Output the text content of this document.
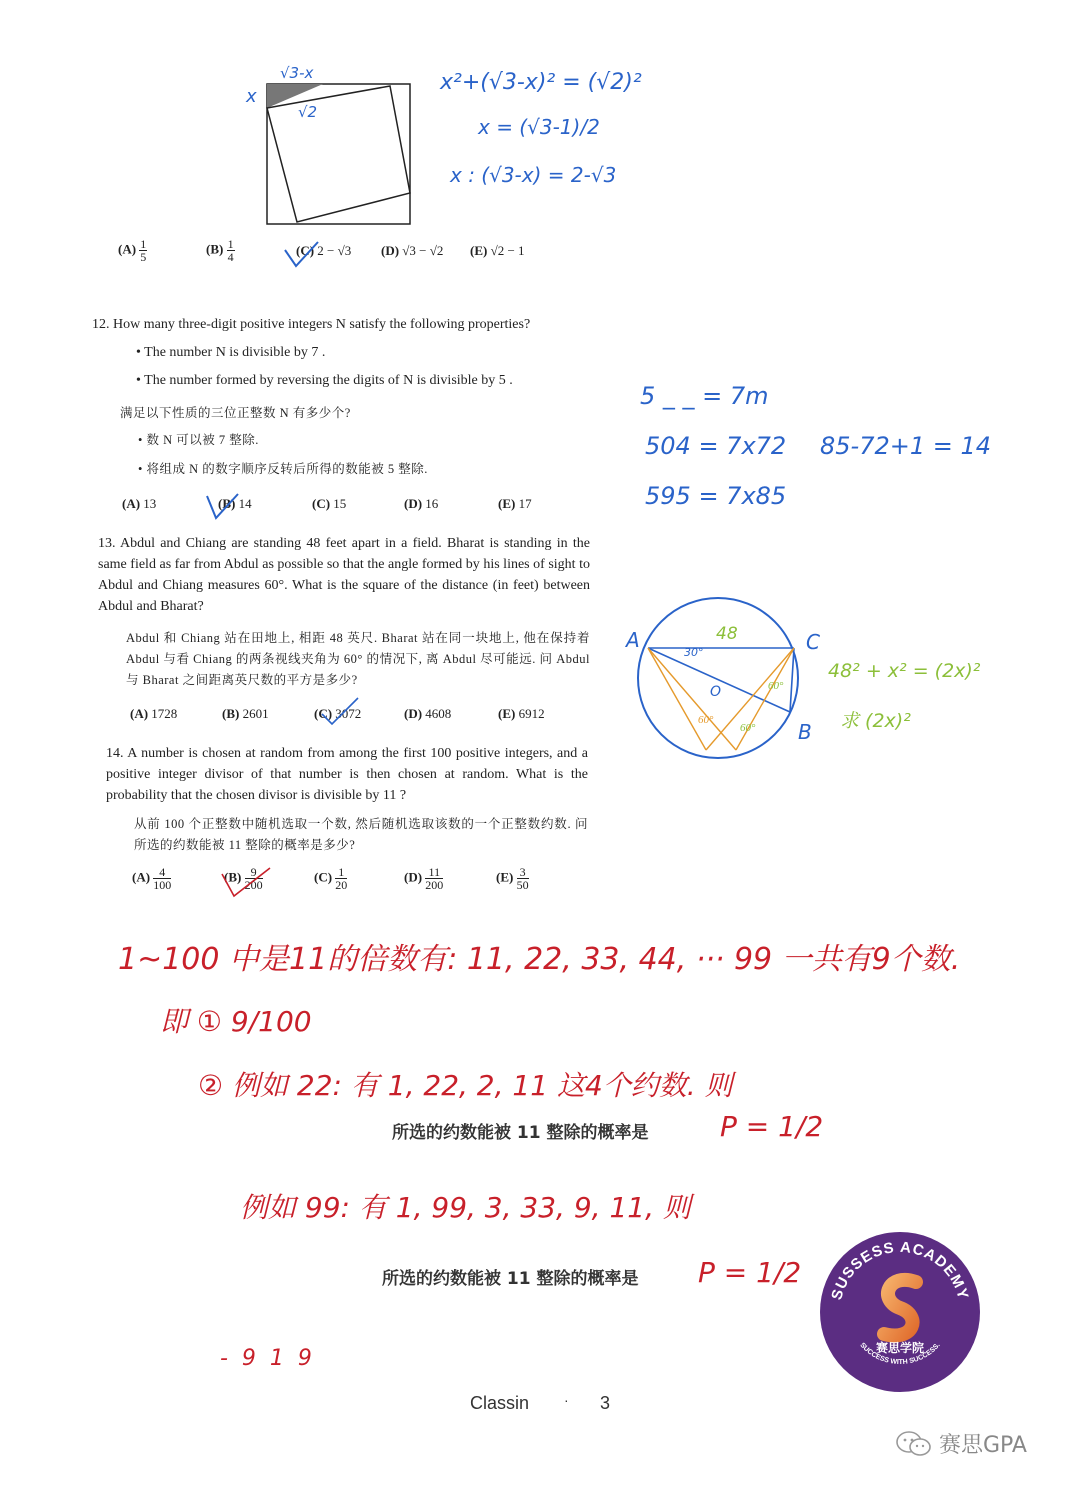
x
√3-x
√2
x²+(√3-x)² = (√2)²
x = (√3-1)/2
x : (√3-x) = 2-√3
$(A) \frac{1}{5}$	$(B) \frac{1}{4}$	(C) 2 − √3 (D) √3 − √2 (E) √2 − 1
12. How many three-digit positive integers N satisfy the following properties?
• The number N is divisible by 7 .
• The number formed by reversing the digits of N is divisible by 5 .
满足以下性质的三位正整数 N 有多少个?
• 数 N 可以被 7 整除.
• 将组成 N 的数字顺序反转后所得的数能被 5 整除.
(A) 13	(B) 14	(C) 15	(D) 16	(E) 17
5 _ _ = 7m
504 = 7x72
595 = 7x85
85-72+1 = 14
13. Abdul and Chiang are standing 48 feet apart in a field. Bharat is standing in the same field as far from Abdul as possible so that the angle formed by his lines of sight to Abdul and Chiang measures 60°. What is the square of the distance (in feet) between Abdul and Bharat?
Abdul 和 Chiang 站在田地上, 相距 48 英尺. Bharat 站在同一块地上, 他在保持着 Abdul 与看 Chiang 的两条视线夹角为 60° 的情况下, 离 Abdul 尽可能远. 问 Abdul 与 Bharat 之间距离英尺数的平方是多少?
(A) 1728	(B) 2601	(C) 3072	(D) 4608	(E) 6912
A	C
B
O
48
30°
60°
60°
60°
48² + x² = (2x)²
求 (2x)²
14. A number is chosen at random from among the first 100 positive integers, and a positive integer divisor of that number is then chosen at random. What is the probability that the chosen divisor is divisible by 11 ?
从前 100 个正整数中随机选取一个数, 然后随机选取该数的一个正整数约数. 问所选的约数能被 11 整除的概率是多少?
$(A) \frac{4}{100}$	$(B) \frac{9}{200}$	$(C) \frac{1}{20}$	$(D) \frac{11}{200}$	$(E) \frac{3}{50}$
1~100 中是11的倍数有: 11, 22, 33, 44, ··· 99 一共有9个数.
即 ① 9/100
② 例如 22: 有 1, 22, 2, 11 这4个约数. 则
所选的约数能被 11 整除的概率是	P = 1/2
例如 99: 有 1, 99, 3, 33, 9, 11, 则
所选的约数能被 11 整除的概率是 P = 1/2
-  9  1  9
Classin · 3
SUSSESS ACADEMY
赛思学院
SUCCESS WITH SUCCESS.
赛思GPA
